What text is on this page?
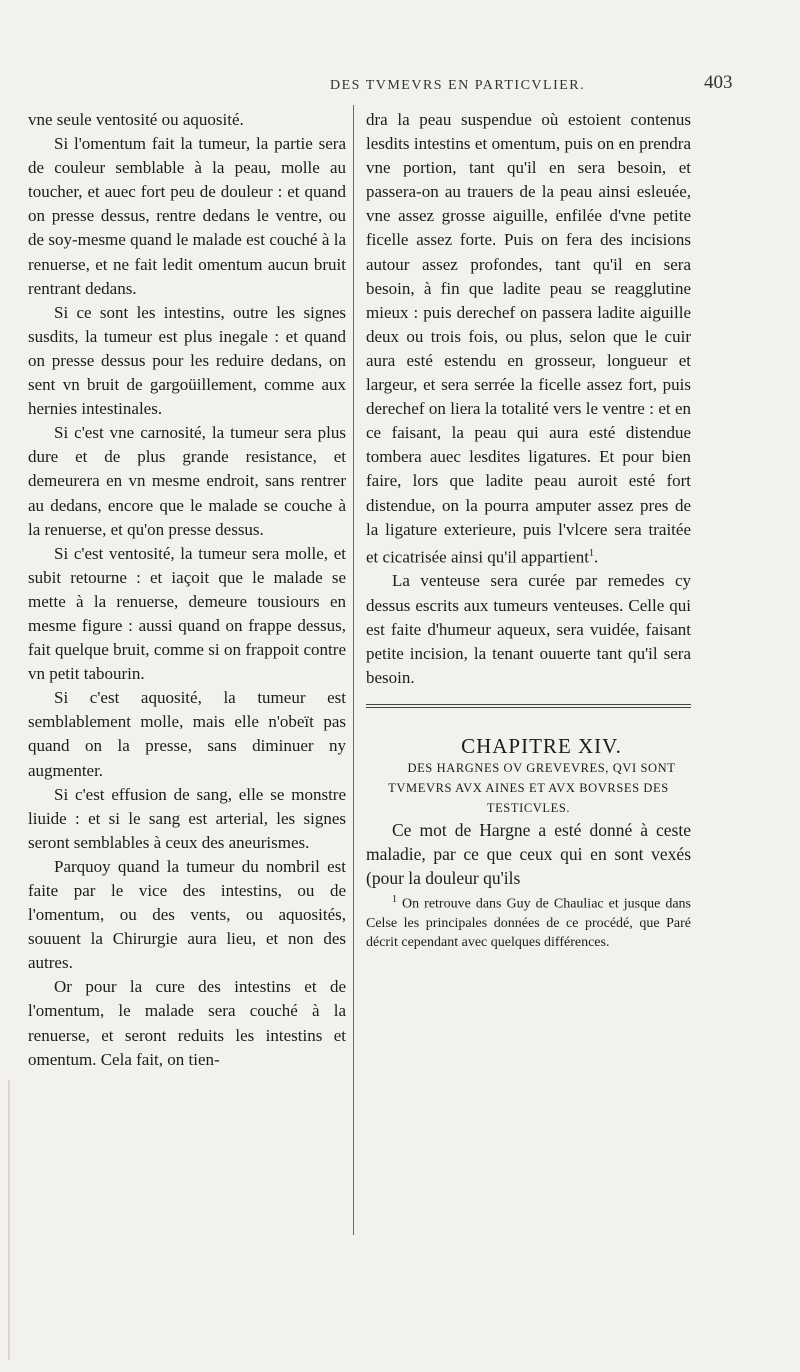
DES TVMEVRS EN PARTICVLIER.	403

vne seule ventosité ou aquosité.

Si l'omentum fait la tumeur, la partie sera de couleur semblable à la peau, molle au toucher, et auec fort peu de douleur : et quand on presse dessus, rentre dedans le ventre, ou de soy-mesme quand le malade est couché à la renuerse, et ne fait ledit omentum aucun bruit rentrant dedans.

Si ce sont les intestins, outre les signes susdits, la tumeur est plus inegale : et quand on presse dessus pour les reduire dedans, on sent vn bruit de gargoüillement, comme aux hernies intestinales.

Si c'est vne carnosité, la tumeur sera plus dure et de plus grande resistance, et demeurera en vn mesme endroit, sans rentrer au dedans, encore que le malade se couche à la renuerse, et qu'on presse dessus.

Si c'est ventosité, la tumeur sera molle, et subit retourne : et iaçoit que le malade se mette à la renuerse, demeure tousiours en mesme figure : aussi quand on frappe dessus, fait quelque bruit, comme si on frappoit contre vn petit tabourin.

Si c'est aquosité, la tumeur est semblablement molle, mais elle n'obeït pas quand on la presse, sans diminuer ny augmenter.

Si c'est effusion de sang, elle se monstre liuide : et si le sang est arterial, les signes seront semblables à ceux des aneurismes.

Parquoy quand la tumeur du nombril est faite par le vice des intestins, ou de l'omentum, ou des vents, ou aquosités, souuent la Chirurgie aura lieu, et non des autres.

Or pour la cure des intestins et de l'omentum, le malade sera couché à la renuerse, et seront reduits les intestins et omentum. Cela fait, on tien-

dra la peau suspendue où estoient contenus lesdits intestins et omentum, puis on en prendra vne portion, tant qu'il en sera besoin, et passera-on au trauers de la peau ainsi esleuée, vne assez grosse aiguille, enfilée d'vne petite ficelle assez forte. Puis on fera des incisions autour assez profondes, tant qu'il en sera besoin, à fin que ladite peau se reagglutine mieux : puis derechef on passera ladite aiguille deux ou trois fois, ou plus, selon que le cuir aura esté estendu en grosseur, longueur et largeur, et sera serrée la ficelle assez fort, puis derechef on liera la totalité vers le ventre : et en ce faisant, la peau qui aura esté distendue tombera auec lesdites ligatures. Et pour bien faire, lors que ladite peau auroit esté fort distendue, on la pourra amputer assez pres de la ligature exterieure, puis l'vlcere sera traitée et cicatrisée ainsi qu'il appartient$^1$.

La venteuse sera curée par remedes cy dessus escrits aux tumeurs venteuses. Celle qui est faite d'humeur aqueux, sera vuidée, faisant petite incision, la tenant ouuerte tant qu'il sera besoin.

CHAPITRE XIV.

DES HARGNES OV GREVEVRES, QVI SONT TVMEVRS AVX AINES ET AVX BOVRSES DES TESTICVLES.

Ce mot de Hargne a esté donné à ceste maladie, par ce que ceux qui en sont vexés (pour la douleur qu'ils

$^1$ On retrouve dans Guy de Chauliac et jusque dans Celse les principales données de ce procédé, que Paré décrit cependant avec quelques différences.
